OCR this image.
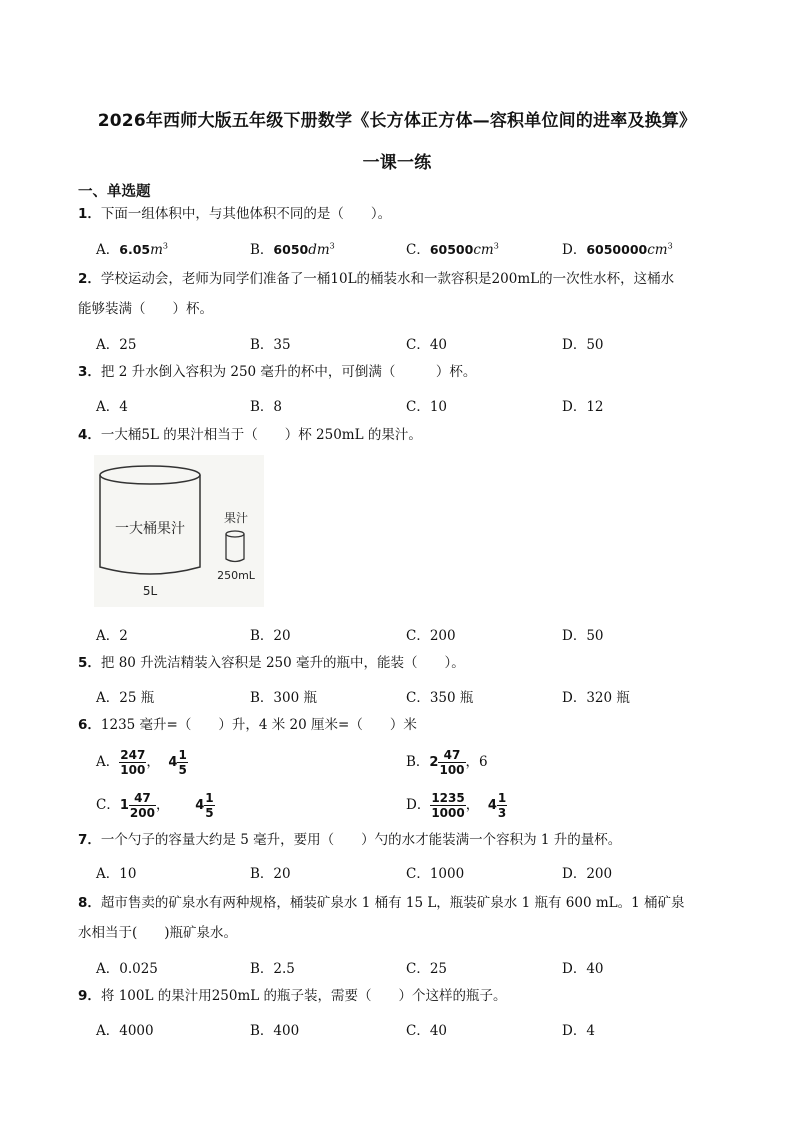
2026年西师大版五年级下册数学《长方体正方体—容积单位间的进率及换算》
一课一练
一、单选题
1．下面一组体积中，与其他体积不同的是（　　）。
A．$6.05m^3$	B．$6050dm^3$	C．$60500cm^3$	D．$6050000cm^3$
2．学校运动会，老师为同学们准备了一桶10L的桶装水和一款容积是200mL的一次性水杯，这桶水
能够装满（　　）杯。
A．25	B．35	C．40	D．50
3．把 2 升水倒入容积为 250 毫升的杯中，可倒满（　　　）杯。
A．4	B．8	C．10	D．12
4．一大桶5L 的果汁相当于（　　）杯 250mL 的果汁。
一大桶果汁
5L
果汁
250mL
A．2	B．20	C．200	D．50
5．把 80 升洗洁精装入容积是 250 毫升的瓶中，能装（　　）。
A．25 瓶	B．300 瓶	C．350 瓶	D．320 瓶
6．1235 毫升=（　　）升，4 米 20 厘米=（　　）米
A． $\frac{247}{100}$ ， $4 \frac{1}{5}$	B．$2 \frac{47}{100}$ ，6
C．$1 \frac{47}{200}$ ， $4 \frac{1}{5}$	D． $\frac{1235}{1000}$ ， $4 \frac{1}{3}$
7．一个勺子的容量大约是 5 毫升，要用（　　）勺的水才能装满一个容积为 1 升的量杯。
A．10	B．20	C．1000	D．200
8．超市售卖的矿泉水有两种规格，桶装矿泉水 1 桶有 15 L，瓶装矿泉水 1 瓶有 600 mL。1 桶矿泉
水相当于(　　)瓶矿泉水。
A．0.025	B．2.5	C．25	D．40
9．将 100L 的果汁用250mL 的瓶子装，需要（　　）个这样的瓶子。
A．4000	B．400	C．40	D．4
